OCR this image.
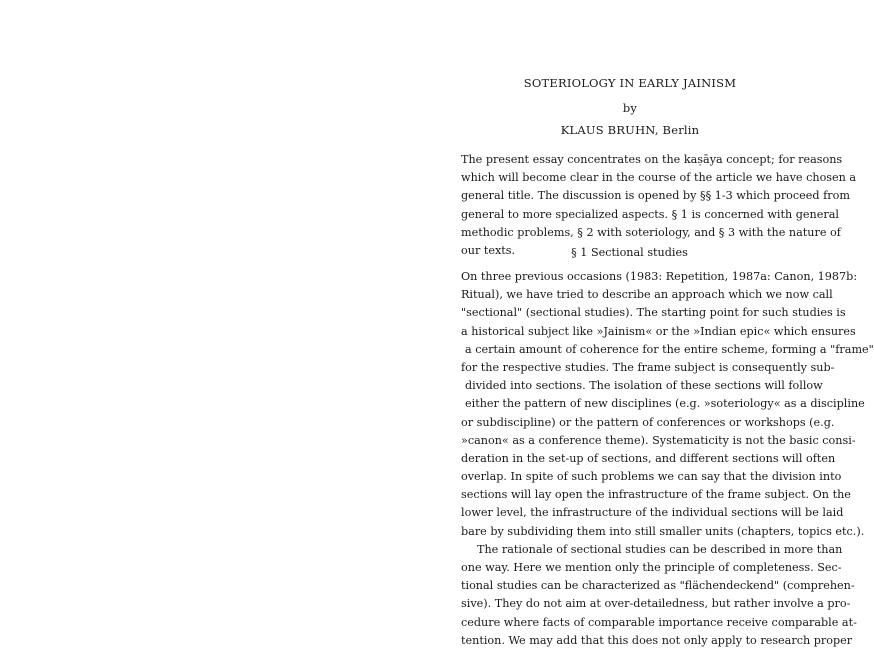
SOTERIOLOGY IN EARLY JAINISM
by
KLAUS BRUHN, Berlin
The present essay concentrates on the kaṣāya concept; for reasons
which will become clear in the course of the article we have chosen a
general title. The discussion is opened by §§ 1-3 which proceed from
general to more specialized aspects. § 1 is concerned with general
methodic problems, § 2 with soteriology, and § 3 with the nature of
our texts.	§ 1 Sectional studies
On three previous occasions (1983: Repetition, 1987a: Canon, 1987b:
Ritual), we have tried to describe an approach which we now call
"sectional" (sectional studies). The starting point for such studies is
a historical subject like »Jainism« or the »Indian epic« which ensures
a certain amount of coherence for the entire scheme, forming a "frame"
for the respective studies. The frame subject is consequently sub-
divided into sections. The isolation of these sections will follow
either the pattern of new disciplines (e.g. »soteriology« as a discipline
or subdiscipline) or the pattern of conferences or workshops (e.g.
»canon« as a conference theme). Systematicity is not the basic consi-
deration in the set-up of sections, and different sections will often
overlap. In spite of such problems we can say that the division into
sections will lay open the infrastructure of the frame subject. On the
lower level, the infrastructure of the individual sections will be laid
bare by subdividing them into still smaller units (chapters, topics etc.).
The rationale of sectional studies can be described in more than
one way. Here we mention only the principle of completeness. Sec-
tional studies can be characterized as "flächendeckend" (comprehen-
sive). They do not aim at over-detailedness, but rather involve a pro-
cedure where facts of comparable importance receive comparable at-
tention. We may add that this does not only apply to research proper
